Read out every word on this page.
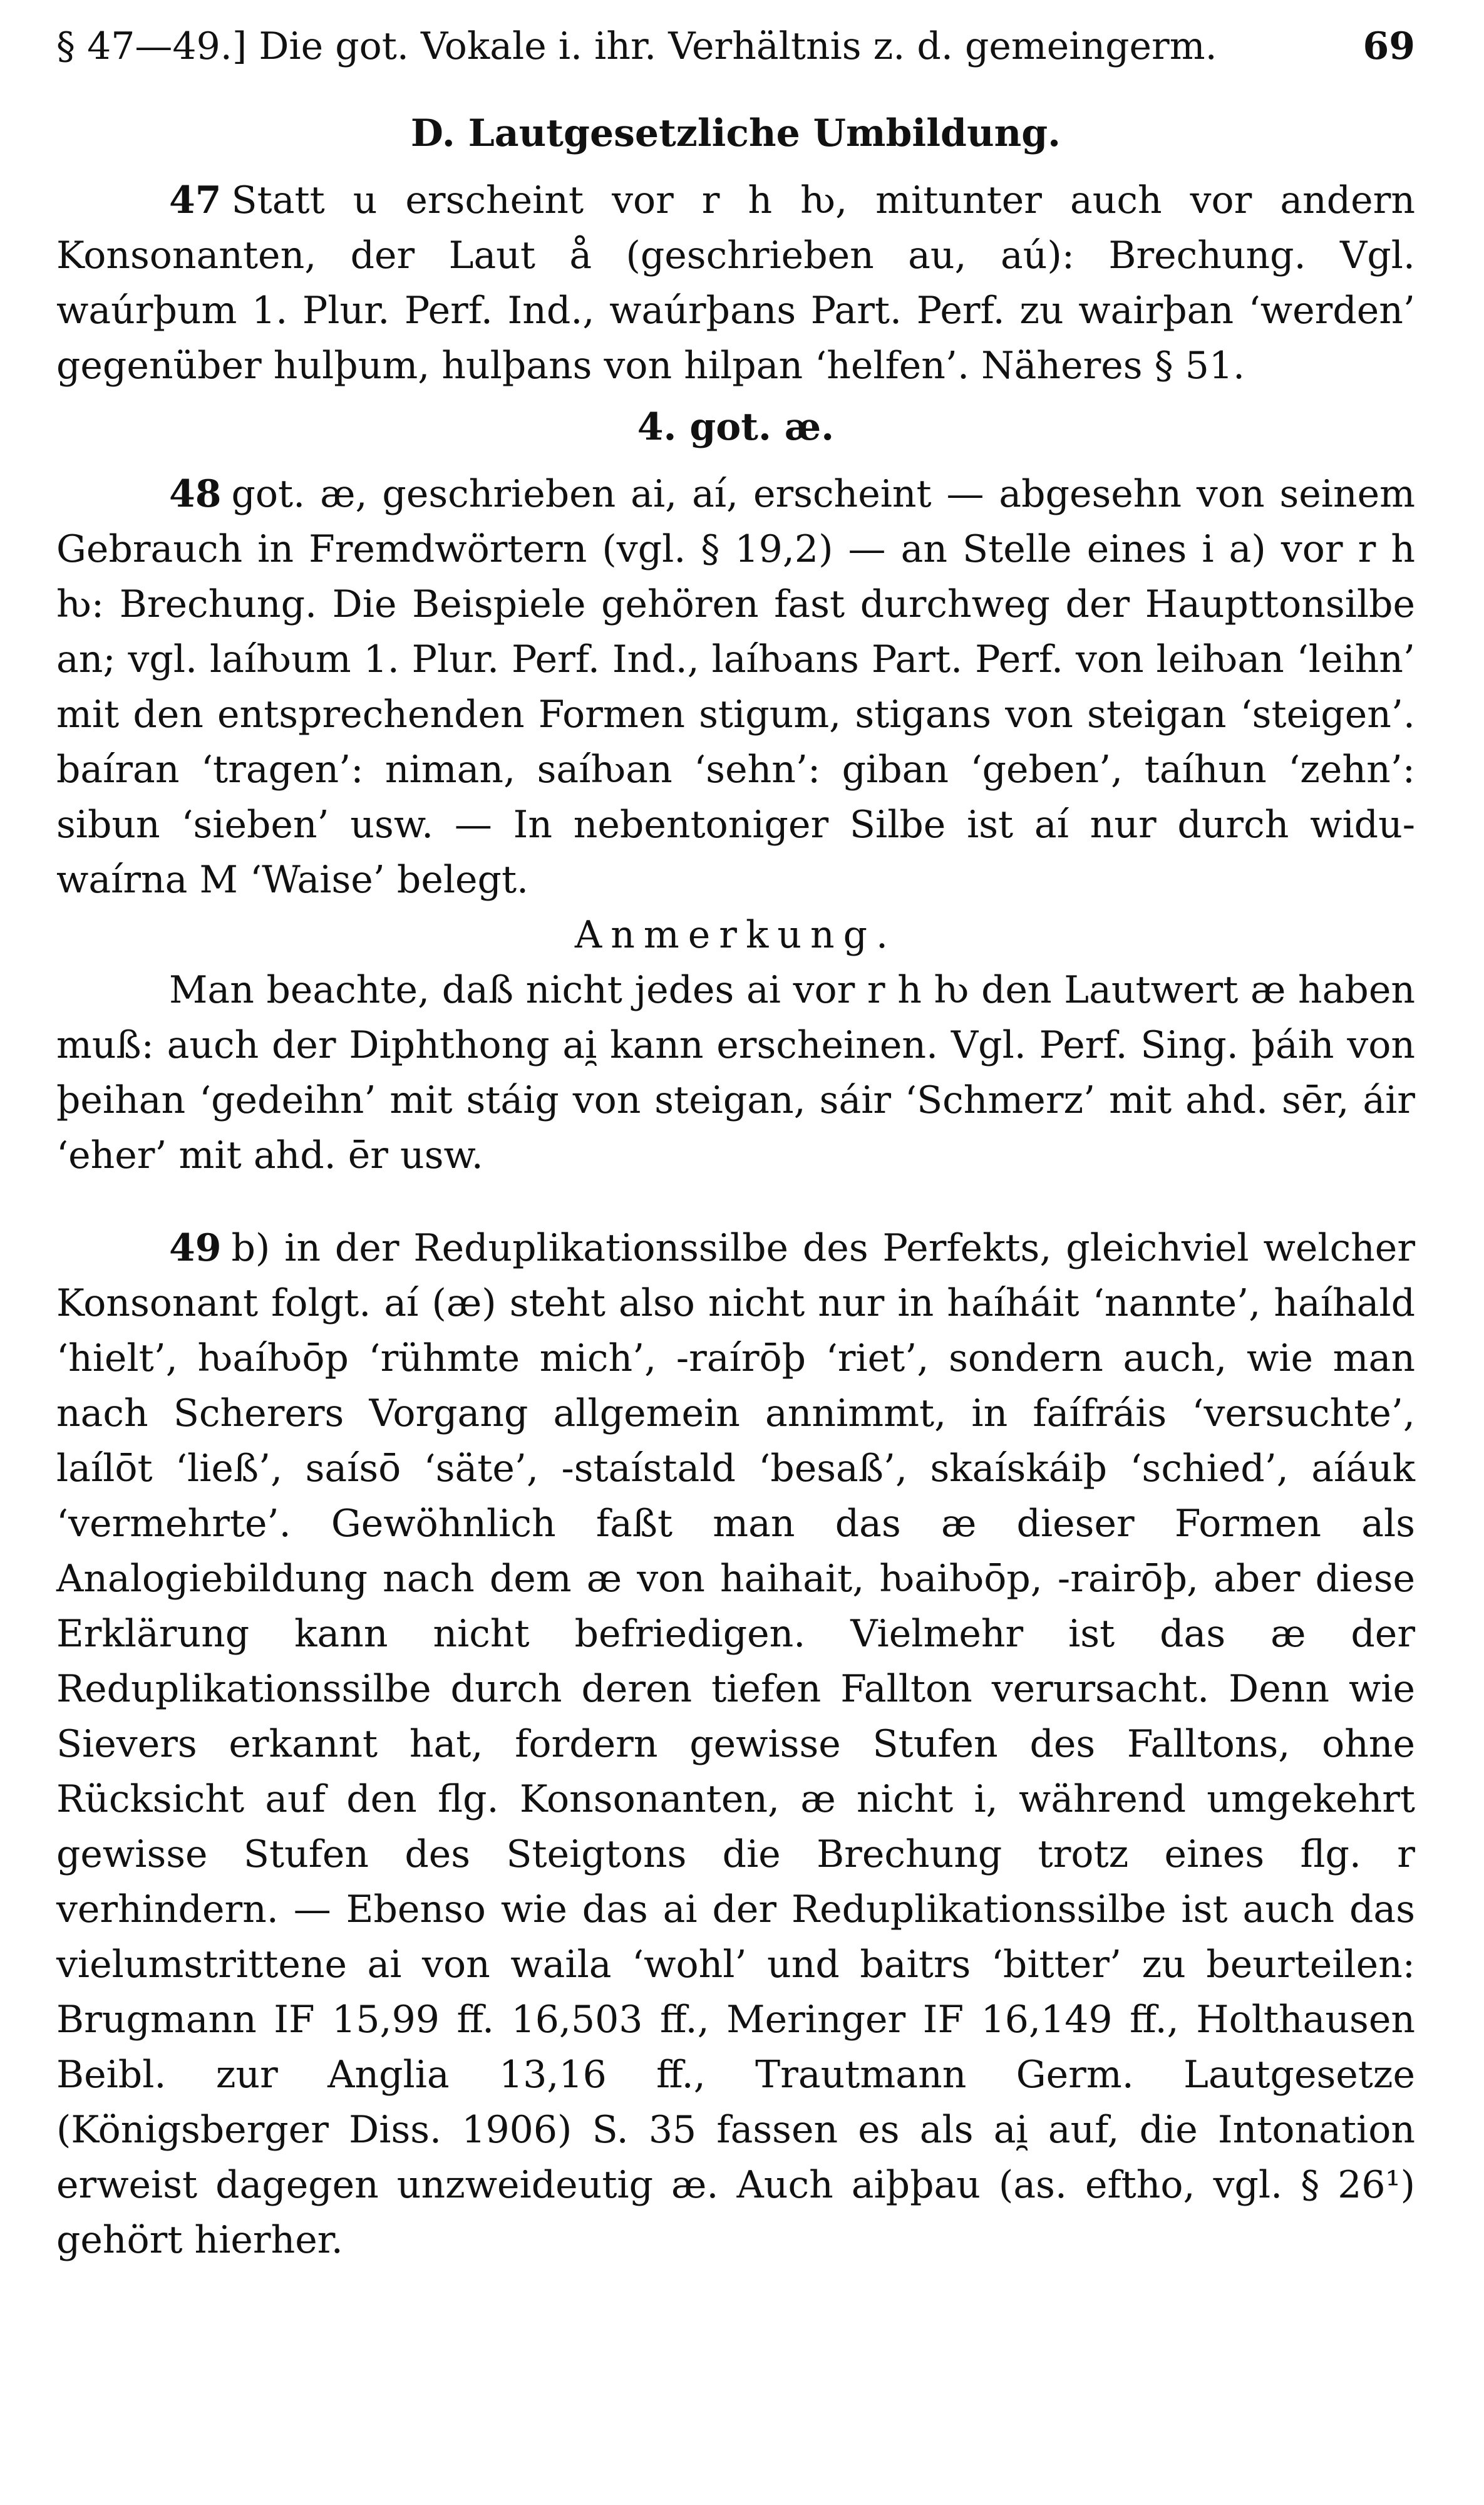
§ 47—49.] Die got. Vokale i. ihr. Verhältnis z. d. gemeingerm.	69
D. Lautgesetzliche Umbildung.

47 Statt u erscheint vor r h ƕ, mitunter auch vor andern Konsonanten, der Laut å (geschrieben au, aú): Brechung. Vgl. waúrþum 1. Plur. Perf. Ind., waúrþans Part. Perf. zu wairþan ‘werden’ gegenüber hulþum, hulþans von hilpan ‘helfen’. Näheres § 51.

4. got. æ.

48 got. æ, geschrieben ai, aí, erscheint — abgesehn von seinem Gebrauch in Fremdwörtern (vgl. § 19,2) — an Stelle eines i a) vor r h ƕ: Brechung. Die Beispiele gehören fast durchweg der Haupttonsilbe an; vgl. laíƕum 1. Plur. Perf. Ind., laíƕans Part. Perf. von leiƕan ‘leihn’ mit den entsprechenden Formen stigum, stigans von steigan ‘steigen’. baíran ‘tragen’: niman, saíƕan ‘sehn’: giban ‘geben’, taíhun ‘zehn’: sibun ‘sieben’ usw. — In nebentoniger Silbe ist aí nur durch widu-waírna M ‘Waise’ belegt.

Anmerkung.

Man beachte, daß nicht jedes ai vor r h ƕ den Lautwert æ haben muß: auch der Diphthong ai̯ kann erscheinen. Vgl. Perf. Sing. þáih von þeihan ‘gedeihn’ mit stáig von steigan, sáir ‘Schmerz’ mit ahd. sēr, áir ‘eher’ mit ahd. ēr usw.

49 b) in der Reduplikationssilbe des Perfekts, gleichviel welcher Konsonant folgt. aí (æ) steht also nicht nur in haíháit ‘nannte’, haíhald ‘hielt’, ƕaíƕōp ‘rühmte mich’, -raírōþ ‘riet’, sondern auch, wie man nach Scherers Vorgang allgemein annimmt, in faífráis ‘versuchte’, laílōt ‘ließ’, saísō ‘säte’, -staístald ‘besaß’, skaískáiþ ‘schied’, aíáuk ‘vermehrte’. Gewöhnlich faßt man das æ dieser Formen als Analogiebildung nach dem æ von haihait, ƕaiƕōp, -rairōþ, aber diese Erklärung kann nicht befriedigen. Vielmehr ist das æ der Reduplikationssilbe durch deren tiefen Fallton verursacht. Denn wie Sievers erkannt hat, fordern gewisse Stufen des Falltons, ohne Rücksicht auf den flg. Konsonanten, æ nicht i, während umgekehrt gewisse Stufen des Steigtons die Brechung trotz eines flg. r verhindern. — Ebenso wie das ai der Reduplikationssilbe ist auch das vielumstrittene ai von waila ‘wohl’ und baitrs ‘bitter’ zu beurteilen: Brugmann IF 15,99 ff. 16,503 ff., Meringer IF 16,149 ff., Holthausen Beibl. zur Anglia 13,16 ff., Trautmann Germ. Lautgesetze (Königsberger Diss. 1906) S. 35 fassen es als ai̯ auf, die Intonation erweist dagegen unzweideutig æ. Auch aiþþau (as. eftho, vgl. § 26¹) gehört hierher.
